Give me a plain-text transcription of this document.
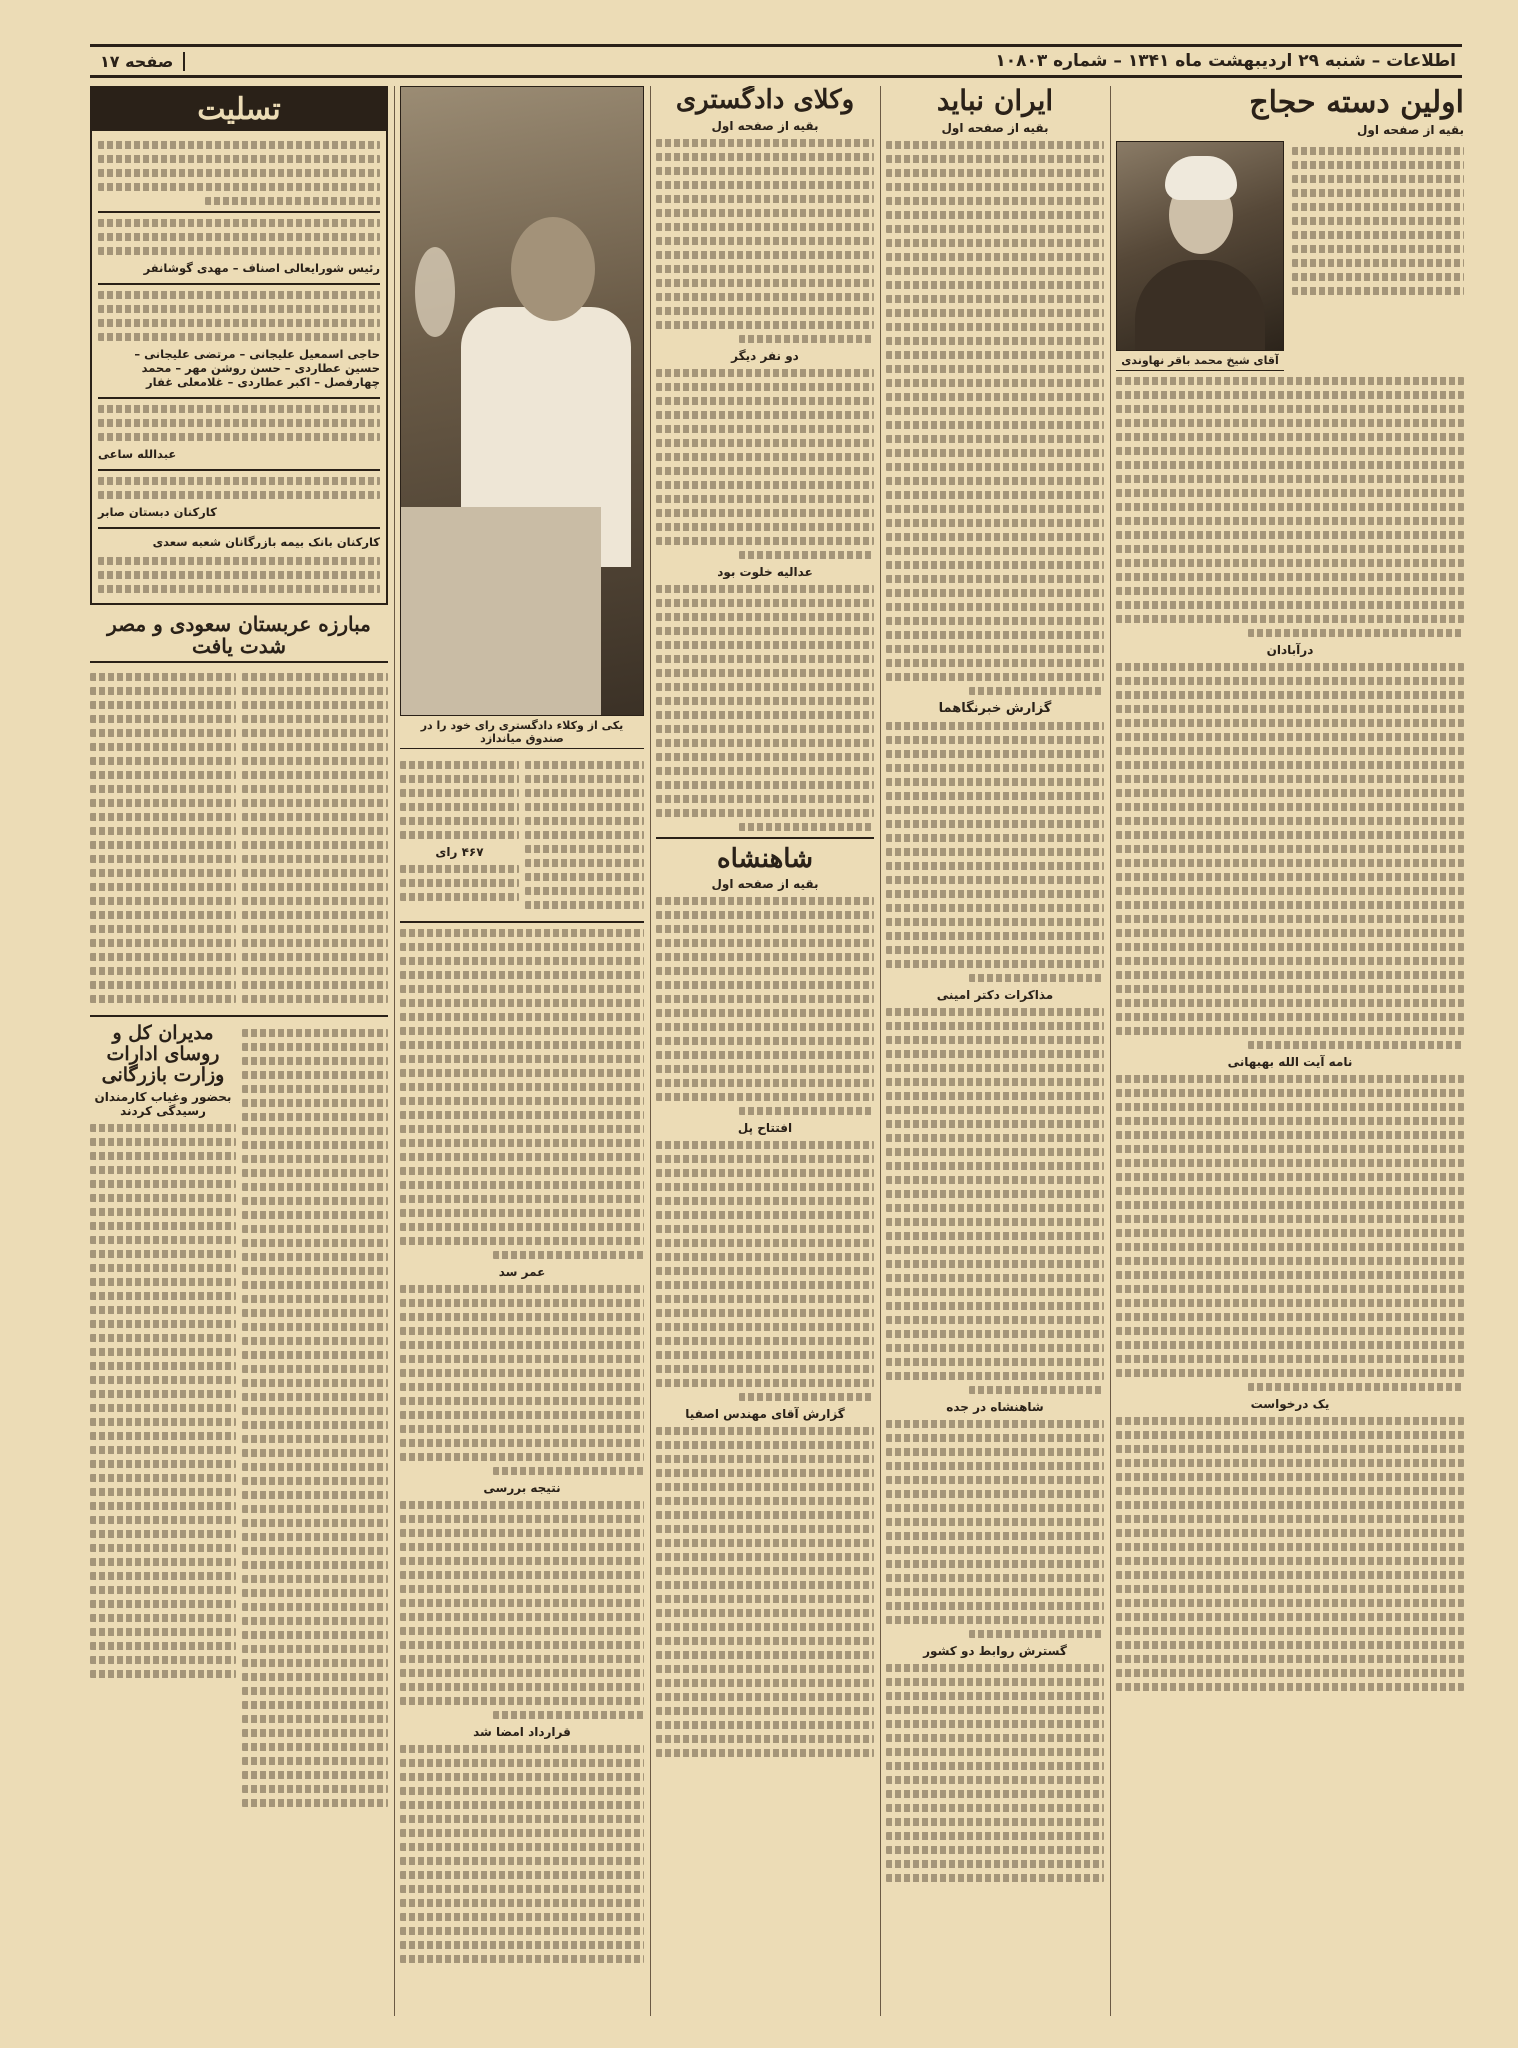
اطلاعات – شنبه ۲۹ اردیبهشت ماه ۱۳۴۱ – شماره ۱۰۸۰۳
صفحه ۱۷
اولین دسته حجاج
بقیه از صفحه اول
آقای شیخ محمد باقر نهاوندی
درآبادان
نامه آیت الله بهبهانی
یک درخواست
ایران نباید
بقیه از صفحه اول
گزارش خبرنگاهما
مذاکرات دکتر امینی
شاهنشاه در جده
گسترش روابط دو کشور
وکلای دادگستری
بقیه از صفحه اول
دو نفر دیگر
عدالیه خلوت بود
شاهنشاه
بقیه از صفحه اول
افتتاح پل
گزارش آقای مهندس اصفیا
یکی از وکلاء دادگستری رای خود را در صندوق میاندازد
۴۶۷ رای
عمر سد
نتیجه بررسی
قرارداد امضا شد
تسلیت
رئیس شورایعالی اصناف – مهدی گوشانفر
حاجی اسمعیل علیجانی – مرتضی علیجانی – حسین عطاردی – حسن روشن مهر – محمد چهارفصل – اکبر عطاردی – غلامعلی غفار
عبدالله ساعی
کارکنان دبستان صابر
کارکنان بانک بیمه بازرگانان شعبه سعدی
مبارزه عربستان سعودی و مصر شدت یافت
مدیران کل و روسای ادارات وزارت بازرگانی
بحضور وغیاب کارمندان رسیدگی کردند
